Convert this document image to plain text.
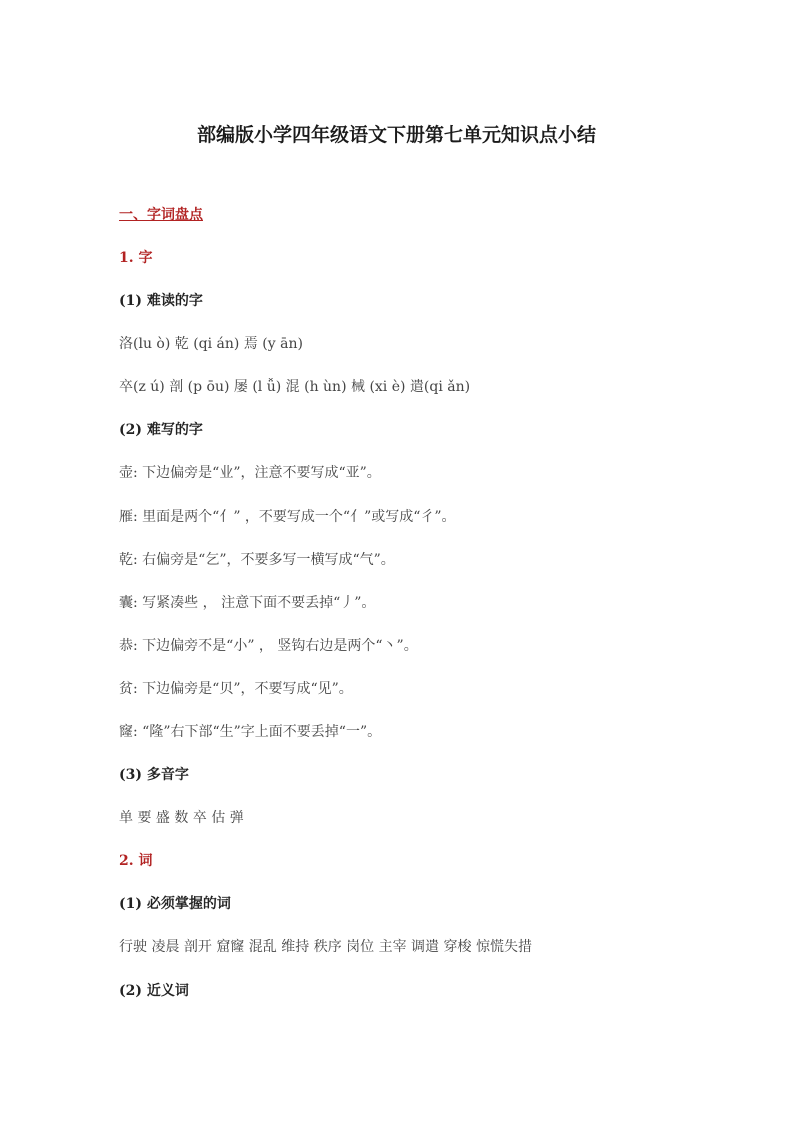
部编版小学四年级语文下册第七单元知识点小结
一、字词盘点
1. 字
(1) 难读的字
洛(lu ò) 乾 (qi án) 焉 (y ān)
卒(z ú) 剖 (p ōu) 屡 (l ǚ) 混 (h ùn) 械 (xi è) 遣(qi ǎn)
(2) 难写的字
壶: 下边偏旁是“业”，注意不要写成“亚”。
雁: 里面是两个“亻” ，不要写成一个“亻”或写成“彳”。
乾: 右偏旁是“乞”，不要多写一横写成“气”。
囊: 写紧凑些 ， 注意下面不要丢掉“丿”。
恭: 下边偏旁不是“小” ， 竖钩右边是两个“丶”。
贫: 下边偏旁是“贝”，不要写成“见”。
窿: “隆”右下部“生”字上面不要丢掉“一”。
(3) 多音字
单 要 盛 数 卒 估 弹
2. 词
(1) 必须掌握的词
行驶 凌晨 剖开 窟窿 混乱 维持 秩序 岗位 主宰 调遣 穿梭 惊慌失措
(2) 近义词
